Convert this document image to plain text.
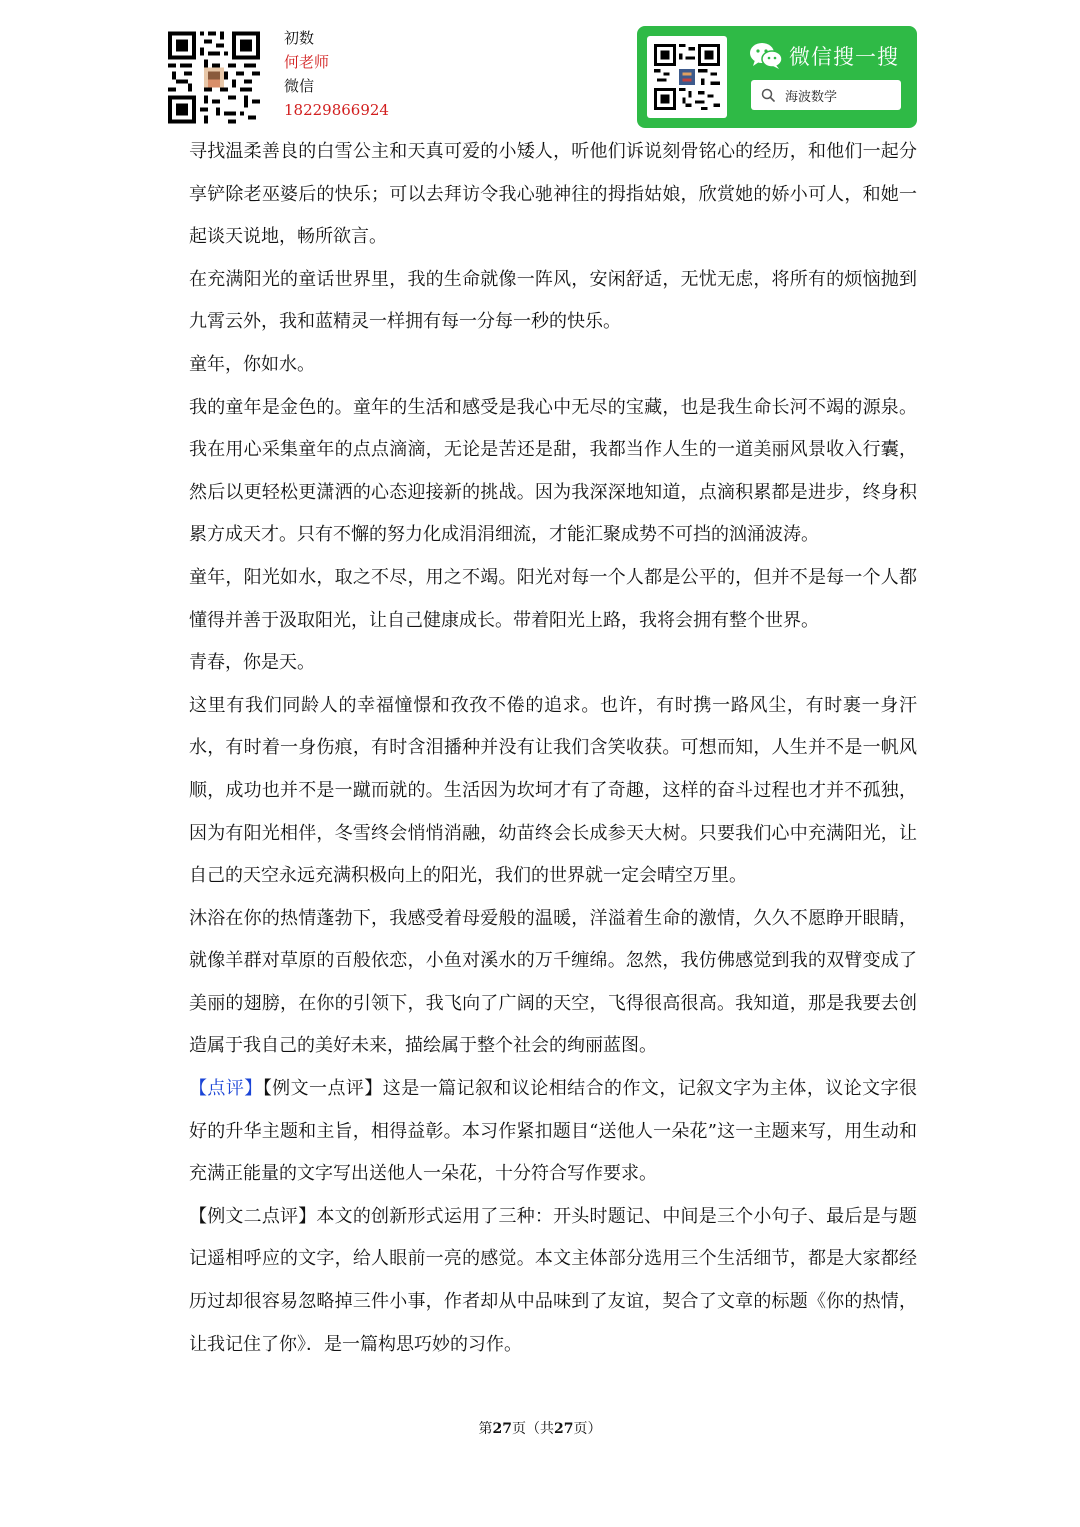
初数
何老师
微信
18229866924
微信搜一搜
海波数学

寻找温柔善良的白雪公主和天真可爱的小矮人，听他们诉说刻骨铭心的经历，和他们一起分享铲除老巫婆后的快乐；可以去拜访令我心驰神往的拇指姑娘，欣赏她的娇小可人，和她一起谈天说地，畅所欲言。

在充满阳光的童话世界里，我的生命就像一阵风，安闲舒适，无忧无虑，将所有的烦恼抛到九霄云外，我和蓝精灵一样拥有每一分每一秒的快乐。

童年，你如水。

我的童年是金色的。童年的生活和感受是我心中无尽的宝藏，也是我生命长河不竭的源泉。我在用心采集童年的点点滴滴，无论是苦还是甜，我都当作人生的一道美丽风景收入行囊，然后以更轻松更潇洒的心态迎接新的挑战。因为我深深地知道，点滴积累都是进步，终身积累方成天才。只有不懈的努力化成涓涓细流，才能汇聚成势不可挡的汹涌波涛。

童年，阳光如水，取之不尽，用之不竭。阳光对每一个人都是公平的，但并不是每一个人都懂得并善于汲取阳光，让自己健康成长。带着阳光上路，我将会拥有整个世界。

青春，你是天。

这里有我们同龄人的幸福憧憬和孜孜不倦的追求。也许，有时携一路风尘，有时裹一身汗水，有时着一身伤痕，有时含泪播种并没有让我们含笑收获。可想而知，人生并不是一帆风顺，成功也并不是一蹴而就的。生活因为坎坷才有了奇趣，这样的奋斗过程也才并不孤独，因为有阳光相伴，冬雪终会悄悄消融，幼苗终会长成参天大树。只要我们心中充满阳光，让自己的天空永远充满积极向上的阳光，我们的世界就一定会晴空万里。

沐浴在你的热情蓬勃下，我感受着母爱般的温暖，洋溢着生命的激情，久久不愿睁开眼睛，就像羊群对草原的百般依恋，小鱼对溪水的万千缠绵。忽然，我仿佛感觉到我的双臂变成了美丽的翅膀，在你的引领下，我飞向了广阔的天空，飞得很高很高。我知道，那是我要去创造属于我自己的美好未来，描绘属于整个社会的绚丽蓝图。

【点评】【例文一点评】这是一篇记叙和议论相结合的作文，记叙文字为主体，议论文字很好的升华主题和主旨，相得益彰。本习作紧扣题目“送他人一朵花”这一主题来写，用生动和充满正能量的文字写出送他人一朵花，十分符合写作要求。

【例文二点评】本文的创新形式运用了三种：开头时题记、中间是三个小句子、最后是与题记遥相呼应的文字，给人眼前一亮的感觉。本文主体部分选用三个生活细节，都是大家都经历过却很容易忽略掉三件小事，作者却从中品味到了友谊，契合了文章的标题《你的热情，让我记住了你》．是一篇构思巧妙的习作。

第27页（共27页）
